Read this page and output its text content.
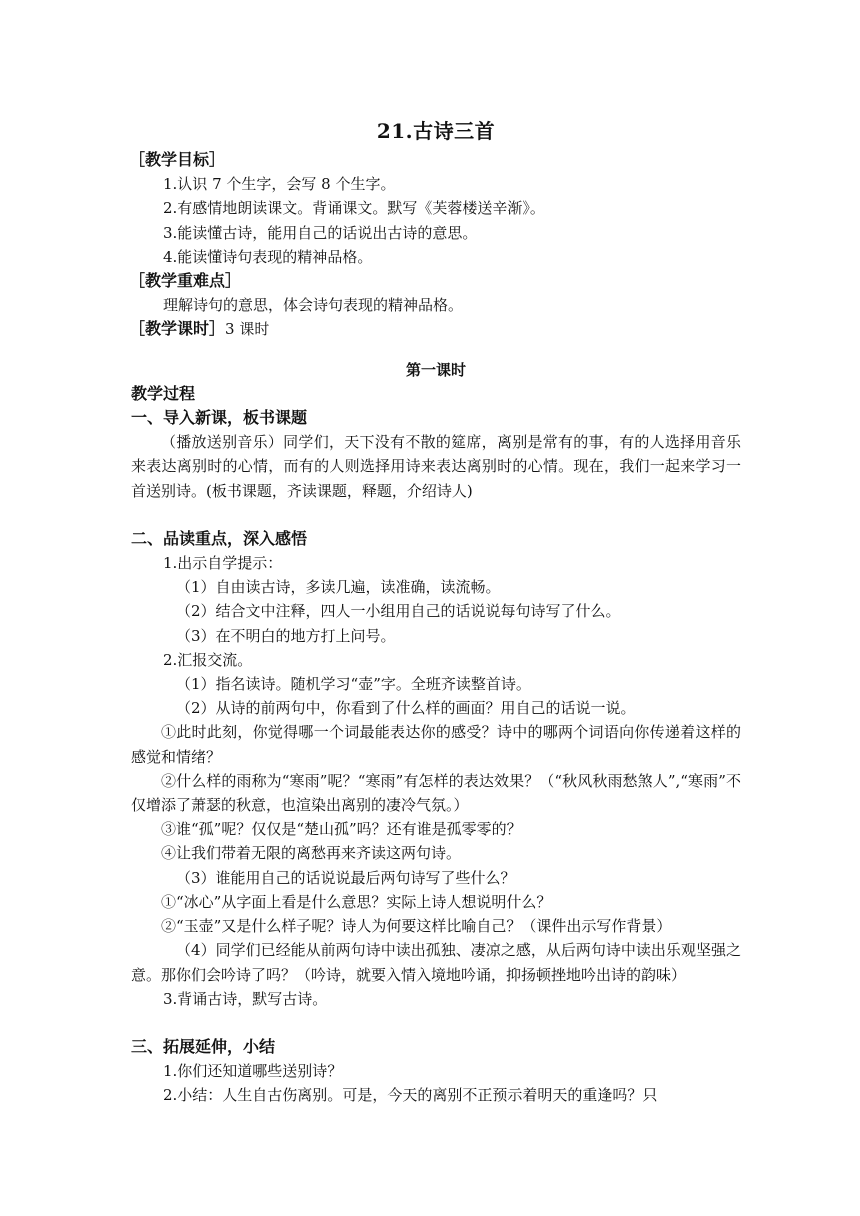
21.古诗三首
［教学目标］
1.认识 7 个生字，会写 8 个生字。
2.有感情地朗读课文。背诵课文。默写《芙蓉楼送辛渐》。
3.能读懂古诗，能用自己的话说出古诗的意思。
4.能读懂诗句表现的精神品格。
［教学重难点］
理解诗句的意思，体会诗句表现的精神品格。
［教学课时］3 课时
第一课时
教学过程
一、导入新课，板书课题
（播放送别音乐）同学们，天下没有不散的筵席，离别是常有的事，有的人选择用音乐来表达离别时的心情，而有的人则选择用诗来表达离别时的心情。现在，我们一起来学习一首送别诗。(板书课题，齐读课题，释题，介绍诗人)
二、品读重点，深入感悟
1.出示自学提示：
（1）自由读古诗，多读几遍，读准确，读流畅。
（2）结合文中注释，四人一小组用自己的话说说每句诗写了什么。
（3）在不明白的地方打上问号。
2.汇报交流。
（1）指名读诗。随机学习“壶”字。全班齐读整首诗。
（2）从诗的前两句中，你看到了什么样的画面？用自己的话说一说。
①此时此刻，你觉得哪一个词最能表达你的感受？诗中的哪两个词语向你传递着这样的感觉和情绪？
②什么样的雨称为“寒雨”呢？“寒雨”有怎样的表达效果？（“秋风秋雨愁煞人”,“寒雨”不仅增添了萧瑟的秋意，也渲染出离别的凄冷气氛。）
③谁“孤”呢？仅仅是“楚山孤”吗？还有谁是孤零零的？
④让我们带着无限的离愁再来齐读这两句诗。
（3）谁能用自己的话说说最后两句诗写了些什么？
①“冰心”从字面上看是什么意思？实际上诗人想说明什么？
②“玉壶”又是什么样子呢？诗人为何要这样比喻自己？（课件出示写作背景）
（4）同学们已经能从前两句诗中读出孤独、凄凉之感，从后两句诗中读出乐观坚强之意。那你们会吟诗了吗？（吟诗，就要入情入境地吟诵，抑扬顿挫地吟出诗的韵味）
3.背诵古诗，默写古诗。
三、拓展延伸，小结
1.你们还知道哪些送别诗？
2.小结：人生自古伤离别。可是，今天的离别不正预示着明天的重逢吗？只
